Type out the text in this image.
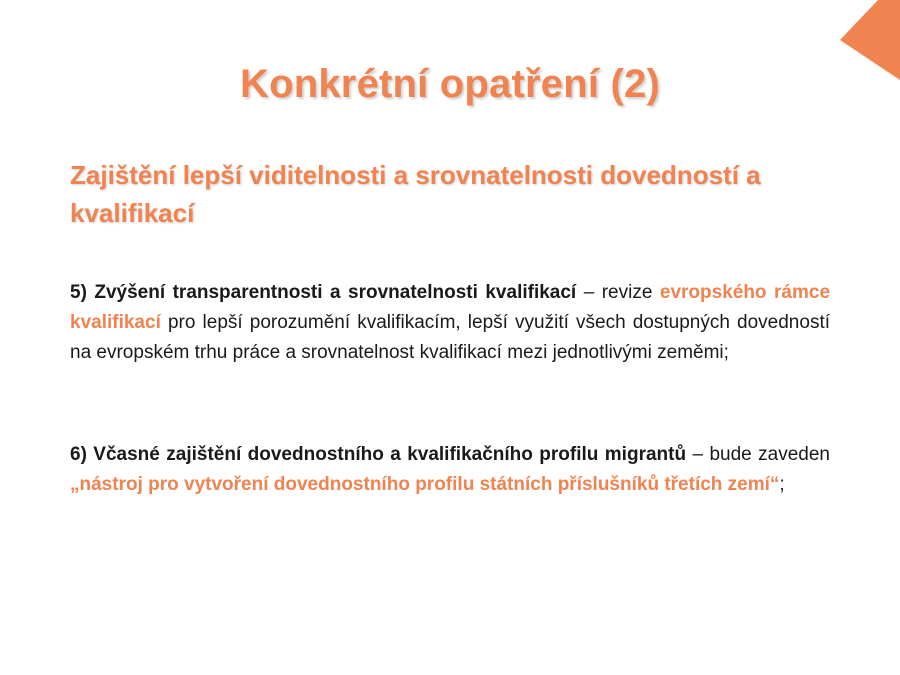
Konkrétní opatření (2)
Zajištění lepší viditelnosti a srovnatelnosti dovedností a kvalifikací

5) Zvýšení transparentnosti a srovnatelnosti kvalifikací – revize evropského rámce kvalifikací pro lepší porozumění kvalifikacím, lepší využití všech dostupných dovedností na evropském trhu práce a srovnatelnost kvalifikací mezi jednotlivými zeměmi;

6) Včasné zajištění dovednostního a kvalifikačního profilu migrantů – bude zaveden „nástroj pro vytvoření dovednostního profilu státních příslušníků třetích zemí“;
